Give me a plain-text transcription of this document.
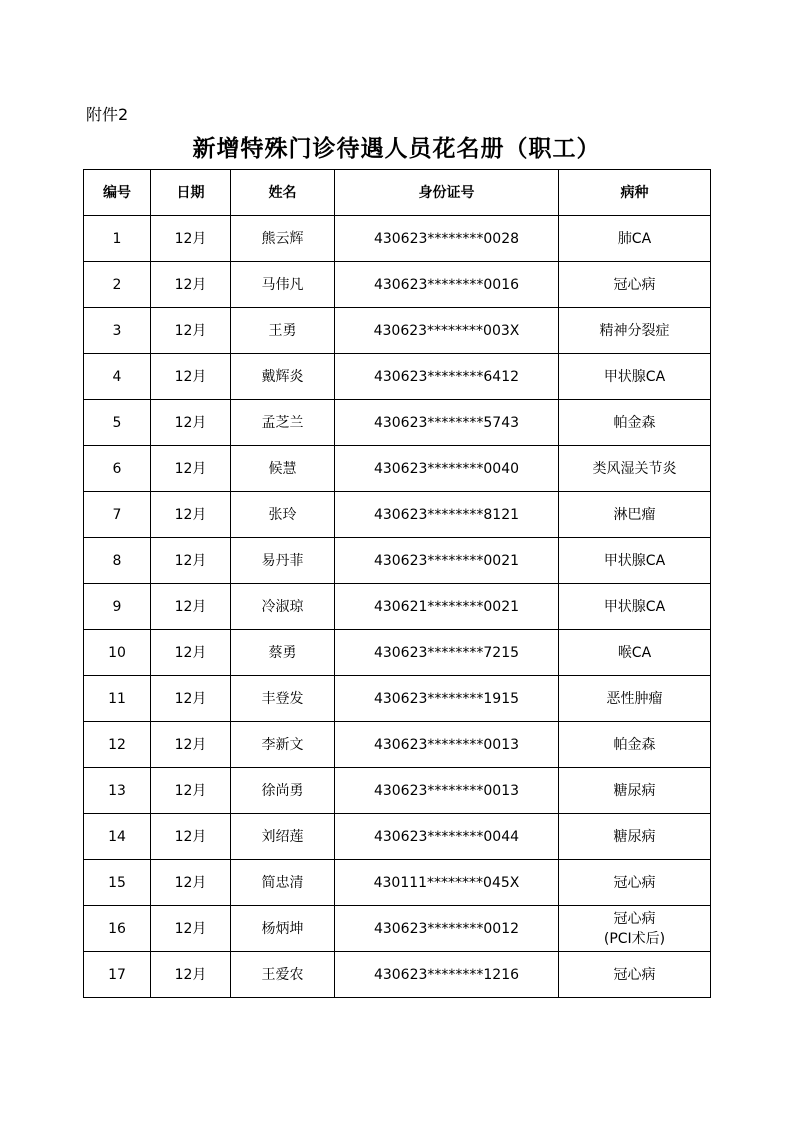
附件2
新增特殊门诊待遇人员花名册（职工）
编号	日期	姓名	身份证号	病种
1	12月	熊云辉	430623********0028	肺CA
2	12月	马伟凡	430623********0016	冠心病
3	12月	王勇	430623********003X	精神分裂症
4	12月	戴辉炎	430623********6412	甲状腺CA
5	12月	孟芝兰	430623********5743	帕金森
6	12月	候慧	430623********0040	类风湿关节炎
7	12月	张玲	430623********8121	淋巴瘤
8	12月	易丹菲	430623********0021	甲状腺CA
9	12月	冷淑琼	430621********0021	甲状腺CA
10	12月	蔡勇	430623********7215	喉CA
11	12月	丰登发	430623********1915	恶性肿瘤
12	12月	李新文	430623********0013	帕金森
13	12月	徐尚勇	430623********0013	糖尿病
14	12月	刘绍莲	430623********0044	糖尿病
15	12月	简忠清	430111********045X	冠心病
16	12月	杨炳坤	430623********0012	冠心病
(PCI术后)

17	12月	王爱农	430623********1216	冠心病
